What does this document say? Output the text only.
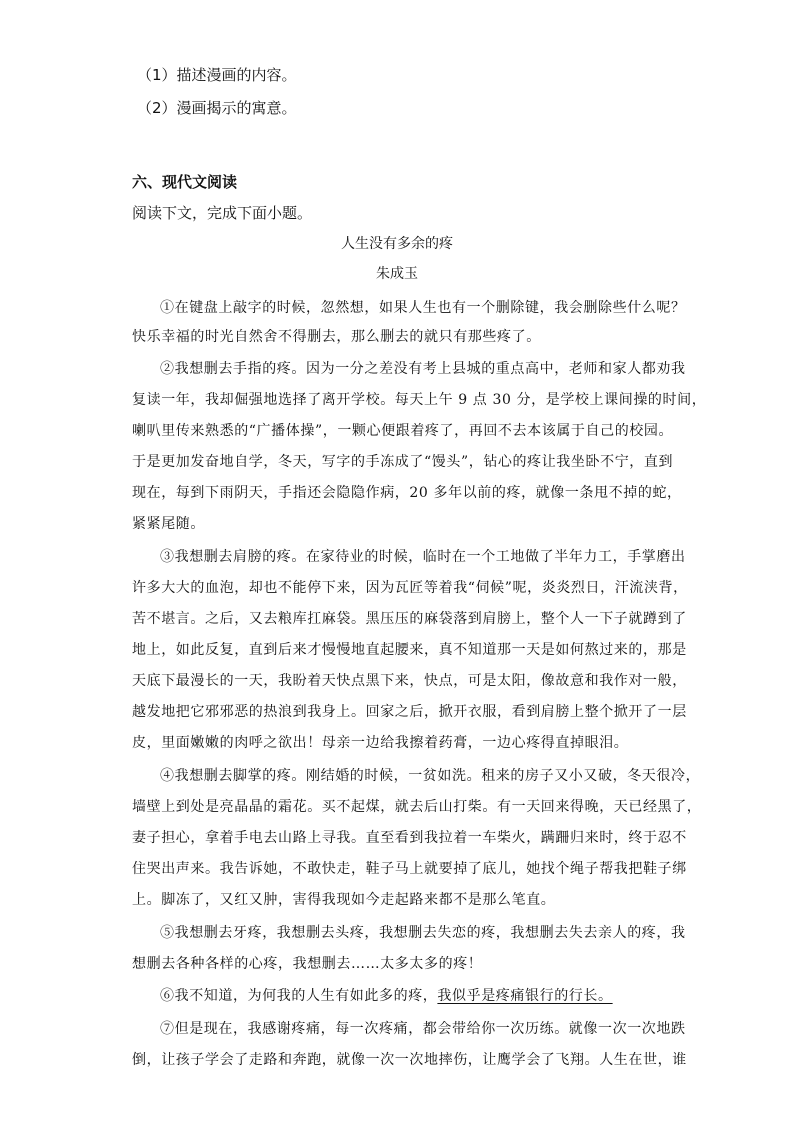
（1）描述漫画的内容。
（2）漫画揭示的寓意。
六、现代文阅读
阅读下文，完成下面小题。
人生没有多余的疼
朱成玉
①在键盘上敲字的时候，忽然想，如果人生也有一个删除键，我会删除些什么呢？
快乐幸福的时光自然舍不得删去，那么删去的就只有那些疼了。
②我想删去手指的疼。因为一分之差没有考上县城的重点高中，老师和家人都劝我
复读一年，我却倔强地选择了离开学校。每天上午 9 点 30 分，是学校上课间操的时间，
喇叭里传来熟悉的“广播体操”，一颗心便跟着疼了，再回不去本该属于自己的校园。
于是更加发奋地自学，冬天，写字的手冻成了“馒头”，钻心的疼让我坐卧不宁，直到
现在，每到下雨阴天，手指还会隐隐作病，20 多年以前的疼，就像一条甩不掉的蛇，
紧紧尾随。
③我想删去肩膀的疼。在家待业的时候，临时在一个工地做了半年力工，手掌磨出
许多大大的血泡，却也不能停下来，因为瓦匠等着我“伺候”呢，炎炎烈日，汗流浃背，
苦不堪言。之后，又去粮库扛麻袋。黑压压的麻袋落到肩膀上，整个人一下子就蹲到了
地上，如此反复，直到后来才慢慢地直起腰来，真不知道那一天是如何熬过来的，那是
天底下最漫长的一天，我盼着天快点黑下来，快点，可是太阳，像故意和我作对一般，
越发地把它邪邪恶的热浪到我身上。回家之后，掀开衣服，看到肩膀上整个掀开了一层
皮，里面嫩嫩的肉呼之欲出！母亲一边给我擦着药膏，一边心疼得直掉眼泪。
④我想删去脚掌的疼。刚结婚的时候，一贫如洗。租来的房子又小又破，冬天很冷，
墙壁上到处是亮晶晶的霜花。买不起煤，就去后山打柴。有一天回来得晚，天已经黑了，
妻子担心，拿着手电去山路上寻我。直至看到我拉着一车柴火，蹒跚归来时，终于忍不
住哭出声来。我告诉她，不敢快走，鞋子马上就要掉了底儿，她找个绳子帮我把鞋子绑
上。脚冻了，又红又肿，害得我现如今走起路来都不是那么笔直。
⑤我想删去牙疼，我想删去头疼，我想删去失恋的疼，我想删去失去亲人的疼，我
想删去各种各样的心疼，我想删去……太多太多的疼！
⑥我不知道，为何我的人生有如此多的疼，我似乎是疼痛银行的行长。
⑦但是现在，我感谢疼痛，每一次疼痛，都会带给你一次历练。就像一次一次地跌
倒，让孩子学会了走路和奔跑，就像一次一次地摔伤，让鹰学会了飞翔。人生在世，谁
